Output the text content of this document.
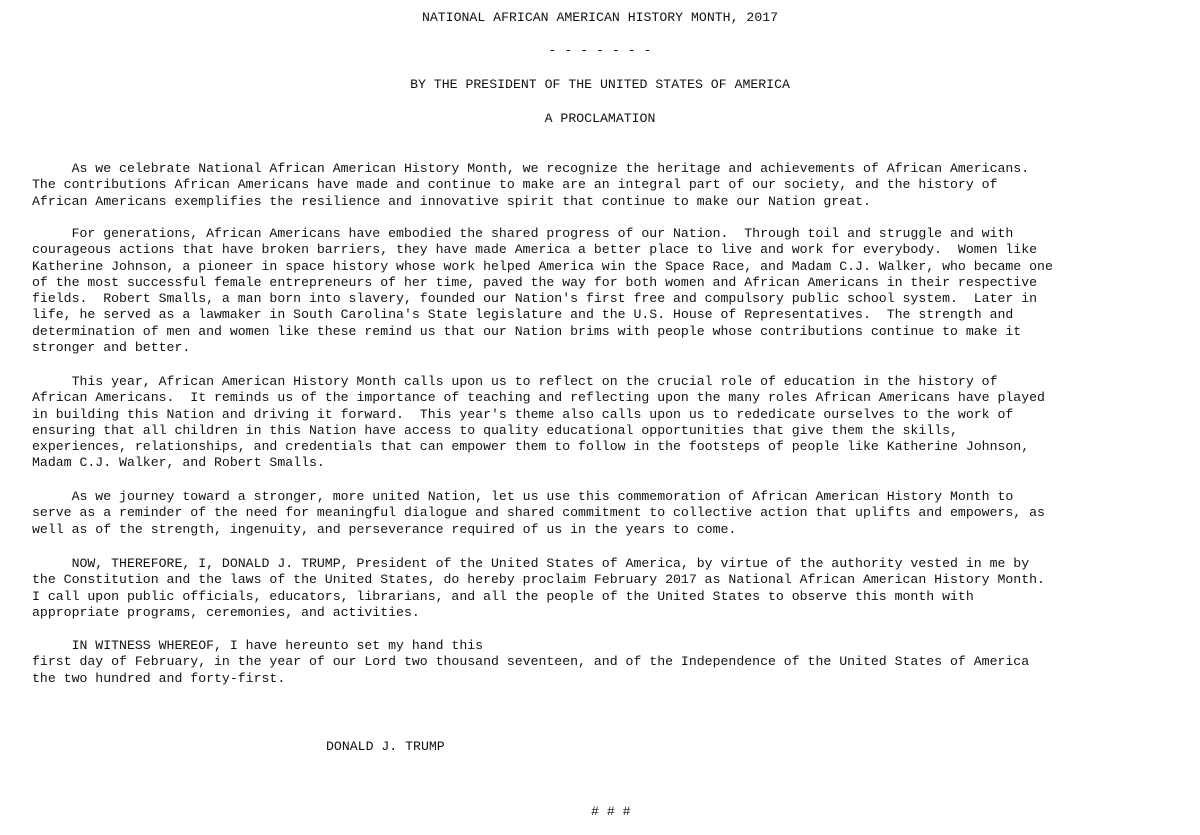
NATIONAL AFRICAN AMERICAN HISTORY MONTH, 2017
- - - - - - -
BY THE PRESIDENT OF THE UNITED STATES OF AMERICA
A PROCLAMATION

As we celebrate National African American History Month, we recognize the heritage and achievements of African Americans.
The contributions African Americans have made and continue to make are an integral part of our society, and the history of
African Americans exemplifies the resilience and innovative spirit that continue to make our Nation great.

For generations, African Americans have embodied the shared progress of our Nation.  Through toil and struggle and with
courageous actions that have broken barriers, they have made America a better place to live and work for everybody.  Women like
Katherine Johnson, a pioneer in space history whose work helped America win the Space Race, and Madam C.J. Walker, who became one
of the most successful female entrepreneurs of her time, paved the way for both women and African Americans in their respective
fields.  Robert Smalls, a man born into slavery, founded our Nation's first free and compulsory public school system.  Later in
life, he served as a lawmaker in South Carolina's State legislature and the U.S. House of Representatives.  The strength and
determination of men and women like these remind us that our Nation brims with people whose contributions continue to make it
stronger and better.

This year, African American History Month calls upon us to reflect on the crucial role of education in the history of
African Americans.  It reminds us of the importance of teaching and reflecting upon the many roles African Americans have played
in building this Nation and driving it forward.  This year's theme also calls upon us to rededicate ourselves to the work of
ensuring that all children in this Nation have access to quality educational opportunities that give them the skills,
experiences, relationships, and credentials that can empower them to follow in the footsteps of people like Katherine Johnson,
Madam C.J. Walker, and Robert Smalls.

As we journey toward a stronger, more united Nation, let us use this commemoration of African American History Month to
serve as a reminder of the need for meaningful dialogue and shared commitment to collective action that uplifts and empowers, as
well as of the strength, ingenuity, and perseverance required of us in the years to come.

NOW, THEREFORE, I, DONALD J. TRUMP, President of the United States of America, by virtue of the authority vested in me by
the Constitution and the laws of the United States, do hereby proclaim February 2017 as National African American History Month.
I call upon public officials, educators, librarians, and all the people of the United States to observe this month with
appropriate programs, ceremonies, and activities.

IN WITNESS WHEREOF, I have hereunto set my hand this
first day of February, in the year of our Lord two thousand seventeen, and of the Independence of the United States of America
the two hundred and forty-first.

DONALD J. TRUMP
# # #
